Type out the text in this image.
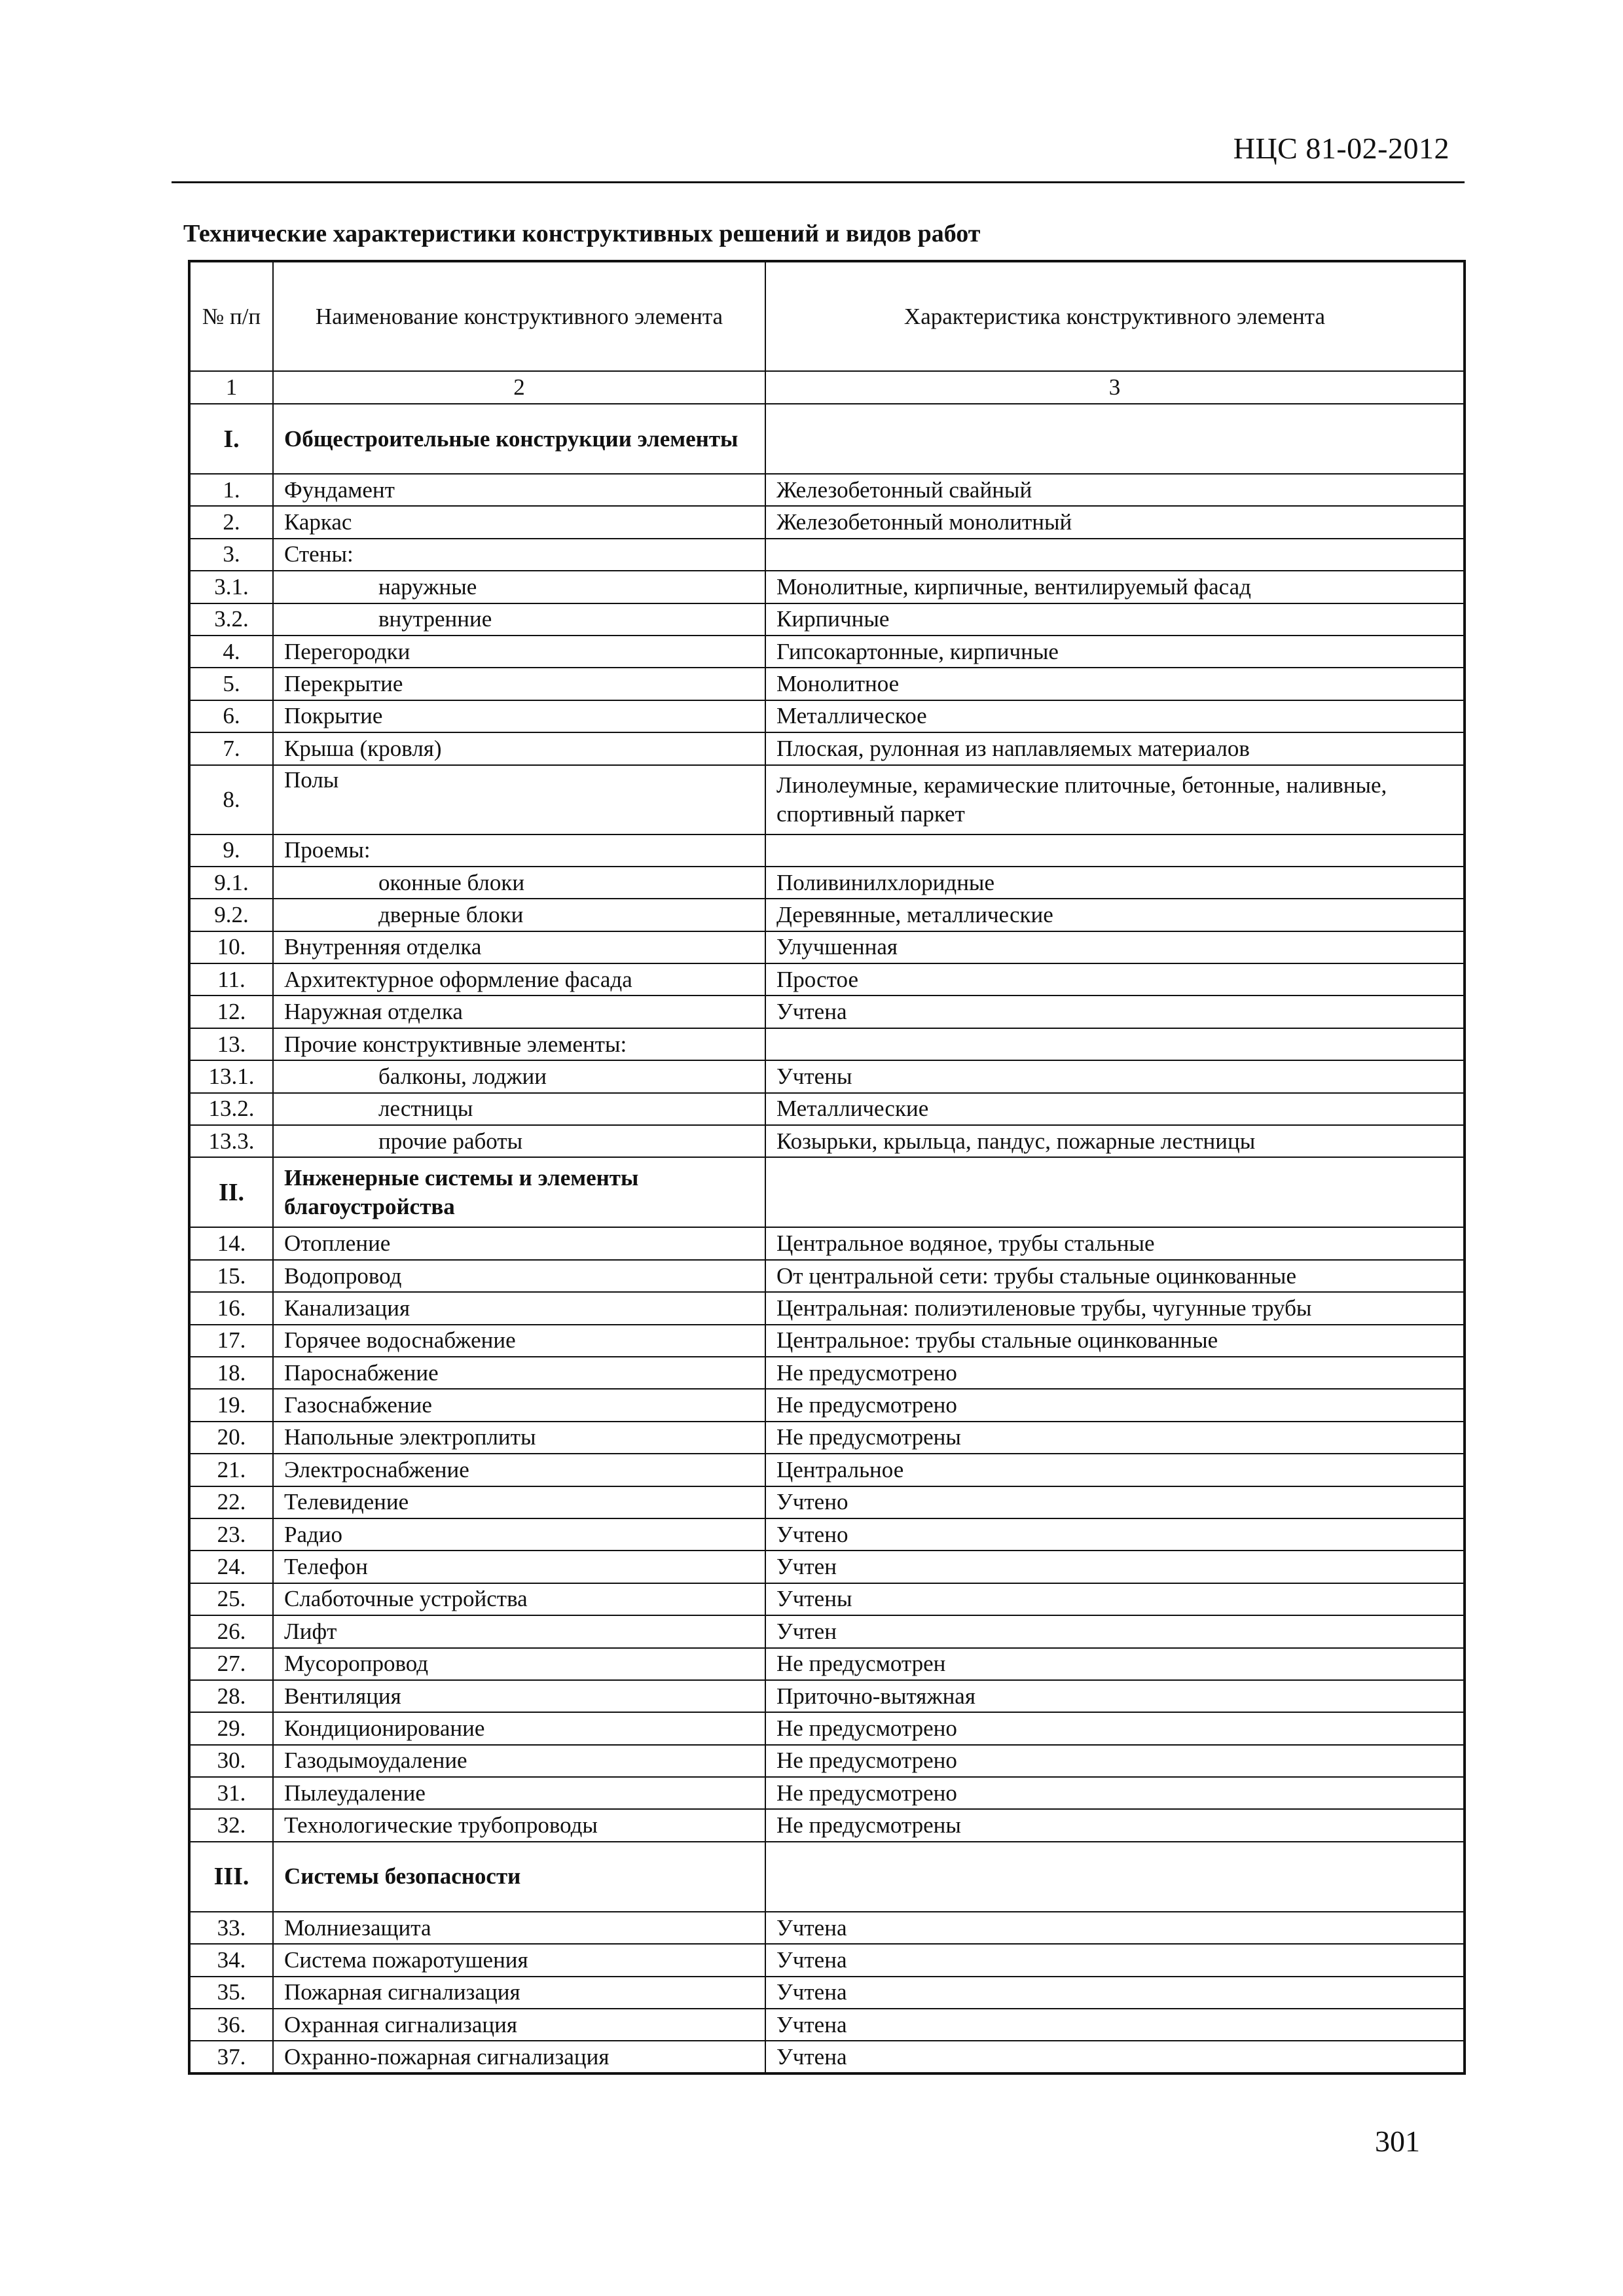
НЦС 81-02-2012
Технические характеристики конструктивных решений и видов работ
№ п/п	Наименование конструктивного элемента	Характеристика конструктивного элемента
1	2	3
I.	Общестроительные конструкции элементы	
1.	Фундамент	Железобетонный свайный
2.	Каркас	Железобетонный монолитный
3.	Стены:	
3.1.	наружные	Монолитные, кирпичные, вентилируемый фасад
3.2.	внутренние	Кирпичные
4.	Перегородки	Гипсокартонные, кирпичные
5.	Перекрытие	Монолитное
6.	Покрытие	Металлическое
7.	Крыша (кровля)	Плоская, рулонная из наплавляемых материалов
8.	Полы	Линолеумные, керамические плиточные, бетонные, наливные, спортивный паркет
9.	Проемы:	
9.1.	оконные блоки	Поливинилхлоридные
9.2.	дверные блоки	Деревянные, металлические
10.	Внутренняя отделка	Улучшенная
11.	Архитектурное оформление фасада	Простое
12.	Наружная отделка	Учтена
13.	Прочие конструктивные элементы:	
13.1.	балконы, лоджии	Учтены
13.2.	лестницы	Металлические
13.3.	прочие работы	Козырьки, крыльца, пандус, пожарные лестницы
II.	Инженерные системы и элементы благоустройства	
14.	Отопление	Центральное водяное, трубы стальные
15.	Водопровод	От центральной сети: трубы стальные оцинкованные
16.	Канализация	Центральная: полиэтиленовые трубы, чугунные трубы
17.	Горячее водоснабжение	Центральное: трубы стальные оцинкованные
18.	Пароснабжение	Не предусмотрено
19.	Газоснабжение	Не предусмотрено
20.	Напольные электроплиты	Не предусмотрены
21.	Электроснабжение	Центральное
22.	Телевидение	Учтено
23.	Радио	Учтено
24.	Телефон	Учтен
25.	Слаботочные устройства	Учтены
26.	Лифт	Учтен
27.	Мусоропровод	Не предусмотрен
28.	Вентиляция	Приточно-вытяжная
29.	Кондиционирование	Не предусмотрено
30.	Газодымоудаление	Не предусмотрено
31.	Пылеудаление	Не предусмотрено
32.	Технологические трубопроводы	Не предусмотрены
III.	Системы безопасности	
33.	Молниезащита	Учтена
34.	Система пожаротушения	Учтена
35.	Пожарная сигнализация	Учтена
36.	Охранная сигнализация	Учтена
37.	Охранно-пожарная сигнализация	Учтена
301
